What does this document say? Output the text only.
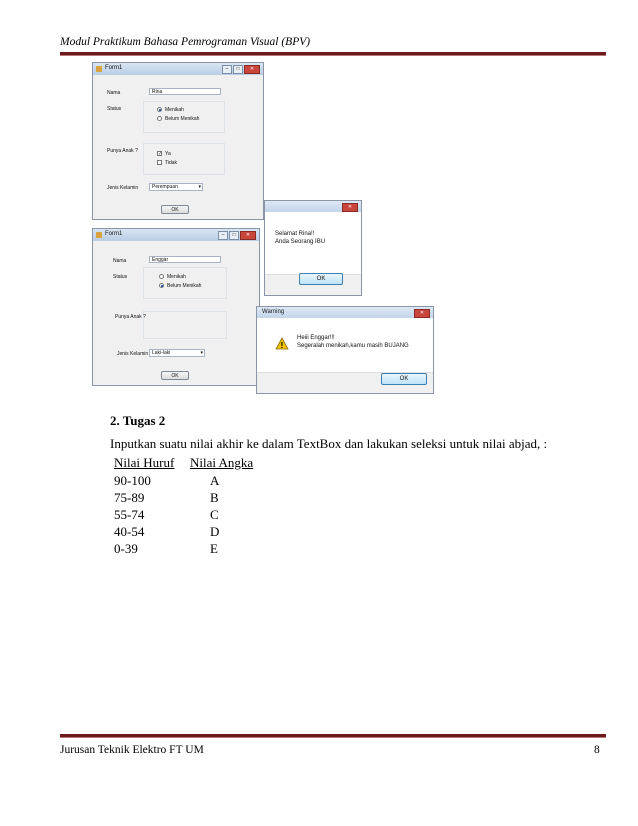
Modul Praktikum Bahasa Pemrograman Visual (BPV)
Form1	–	□	✕
Nama	Rina
Status	Menikah
Belum Menikah
Punya Anak ?	✓ Ya
Tidak
Jenis Kelamin	Perempuan	▾
OK	✕
Selamat Rina!!
Anda Seorang IBU
OK
Form1	–	□	✕
Nama	Enggar
Status	Menikah
Belum Menikah
Punya Anak ?
Jenis Kelamin Laki-laki	▾
OK
Warning	✕
!
Heiii Enggar!!!
Segeralah menikah,kamu masih BUJANG
OK
2. Tugas 2
Inputkan suatu nilai akhir ke dalam TextBox dan lakukan seleksi untuk nilai abjad, :
Nilai Huruf Nilai Angka
90-100	A
75-89	B
55-74	C
40-54	D
0-39	E
Jurusan Teknik Elektro FT UM	8
